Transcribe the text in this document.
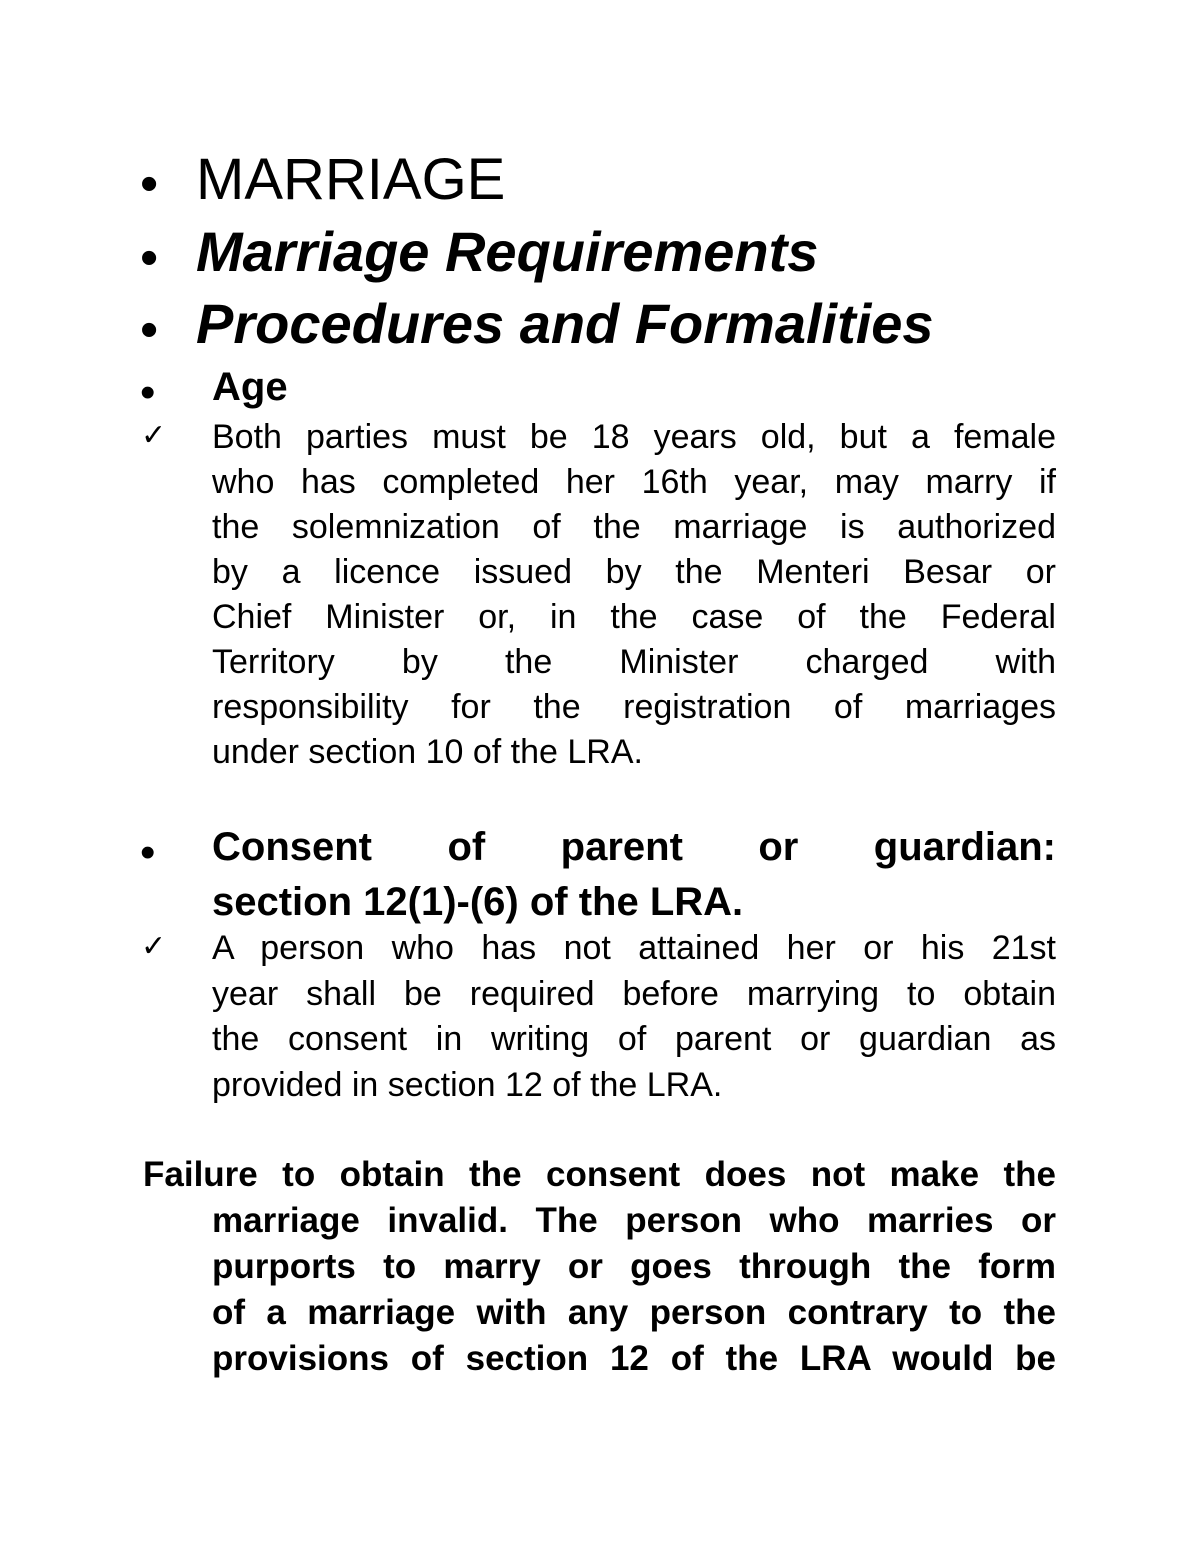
• MARRIAGE
• Marriage Requirements
• Procedures and Formalities
• Age
✓ Both parties must be 18 years old, but a female
who has completed her 16th year, may marry if
the solemnization of the marriage is authorized
by a licence issued by the Menteri Besar or
Chief Minister or, in the case of the Federal
Territory by the Minister charged with
responsibility for the registration of marriages
under section 10 of the LRA.
• Consent of parent or guardian:
section 12(1)-(6) of the LRA.
✓ A person who has not attained her or his 21st
year shall be required before marrying to obtain
the consent in writing of parent or guardian as
provided in section 12 of the LRA.
Failure to obtain the consent does not make the
marriage invalid. The person who marries or
purports to marry or goes through the form
of a marriage with any person contrary to the
provisions of section 12 of the LRA would be
